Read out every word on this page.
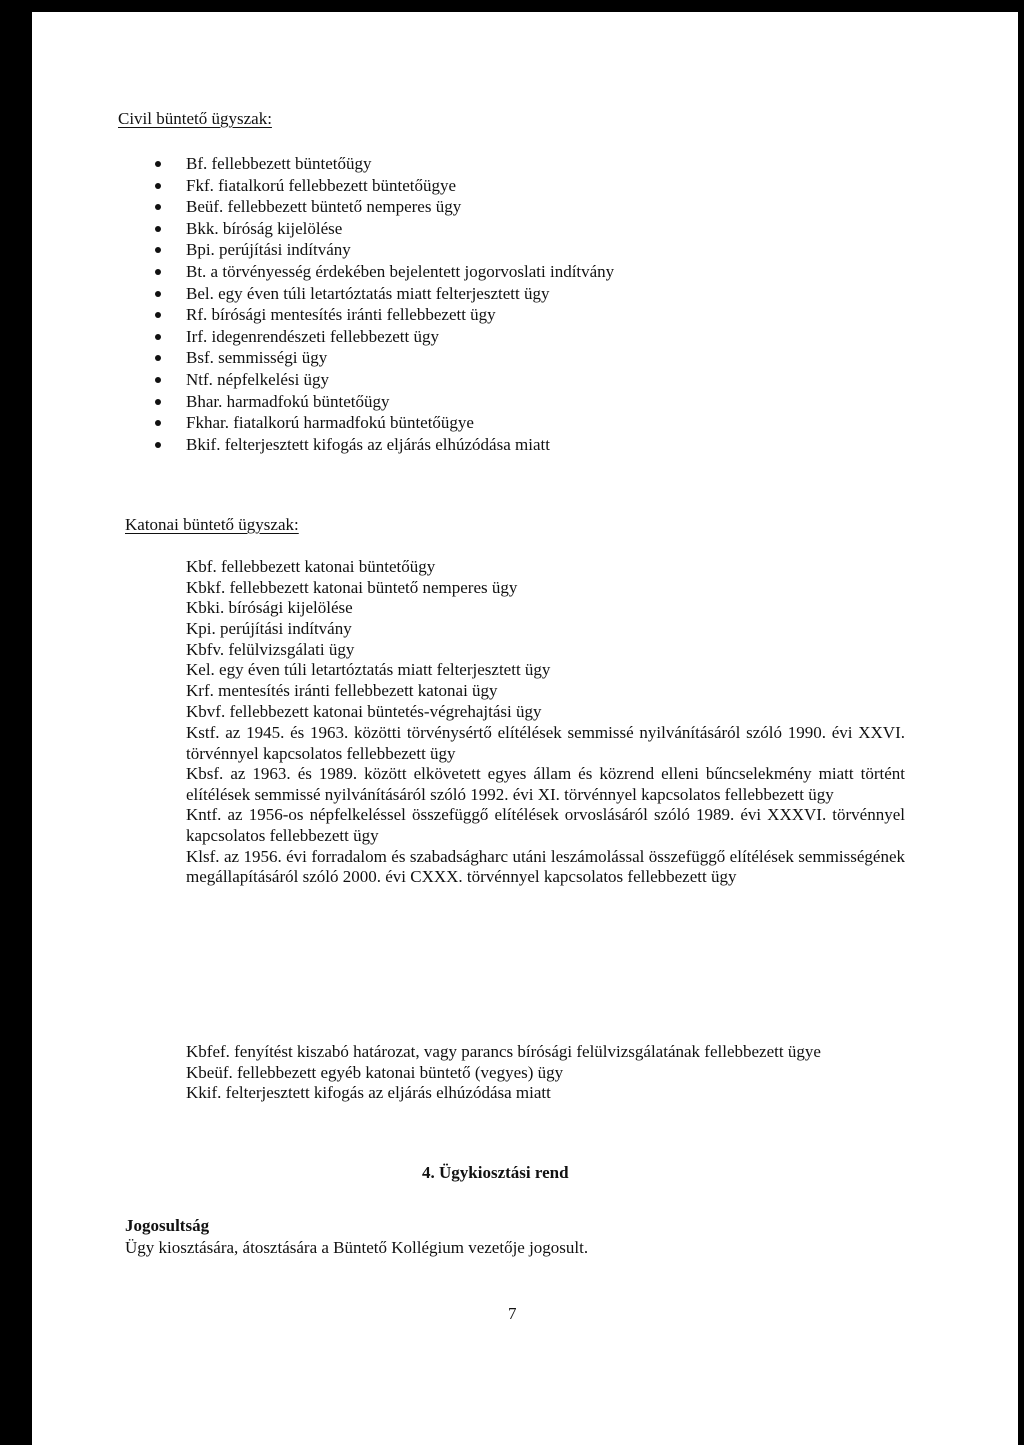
Civil büntető ügyszak:
Bf. fellebbezett büntetőügy
Fkf. fiatalkorú fellebbezett büntetőügye
Beüf. fellebbezett büntető nemperes ügy
Bkk. bíróság kijelölése
Bpi. perújítási indítvány
Bt. a törvényesség érdekében bejelentett jogorvoslati indítvány
Bel. egy éven túli letartóztatás miatt felterjesztett ügy
Rf. bírósági mentesítés iránti fellebbezett ügy
Irf. idegenrendészeti fellebbezett ügy
Bsf. semmisségi ügy
Ntf. népfelkelési ügy
Bhar. harmadfokú büntetőügy
Fkhar. fiatalkorú harmadfokú büntetőügye
Bkif. felterjesztett kifogás az eljárás elhúzódása miatt
Katonai büntető ügyszak:
Kbf. fellebbezett katonai büntetőügy
Kbkf. fellebbezett katonai büntető nemperes ügy
Kbki. bírósági kijelölése
Kpi. perújítási indítvány
Kbfv. felülvizsgálati ügy
Kel. egy éven túli letartóztatás miatt felterjesztett ügy
Krf. mentesítés iránti fellebbezett katonai ügy
Kbvf. fellebbezett katonai büntetés-végrehajtási ügy

Kstf. az 1945. és 1963. közötti törvénysértő elítélések semmissé nyilvánításáról szóló 1990. évi XXVI. törvénnyel kapcsolatos fellebbezett ügy

Kbsf. az 1963. és 1989. között elkövetett egyes állam és közrend elleni bűncselekmény miatt történt elítélések semmissé nyilvánításáról szóló 1992. évi XI. törvénnyel kapcsolatos fellebbezett ügy

Kntf. az 1956-os népfelkeléssel összefüggő elítélések orvoslásáról szóló 1989. évi XXXVI. törvénnyel kapcsolatos fellebbezett ügy

Klsf. az 1956. évi forradalom és szabadságharc utáni leszámolással összefüggő elítélések semmisségének megállapításáról szóló 2000. évi CXXX. törvénnyel kapcsolatos fellebbezett ügy

Kbfef. fenyítést kiszabó határozat, vagy parancs bírósági felülvizsgálatának fellebbezett ügye

Kbeüf. fellebbezett egyéb katonai büntető (vegyes) ügy

Kkif. felterjesztett kifogás az eljárás elhúzódása miatt

4. Ügykiosztási rend
Jogosultság
Ügy kiosztására, átosztására a Büntető Kollégium vezetője jogosult.
7
